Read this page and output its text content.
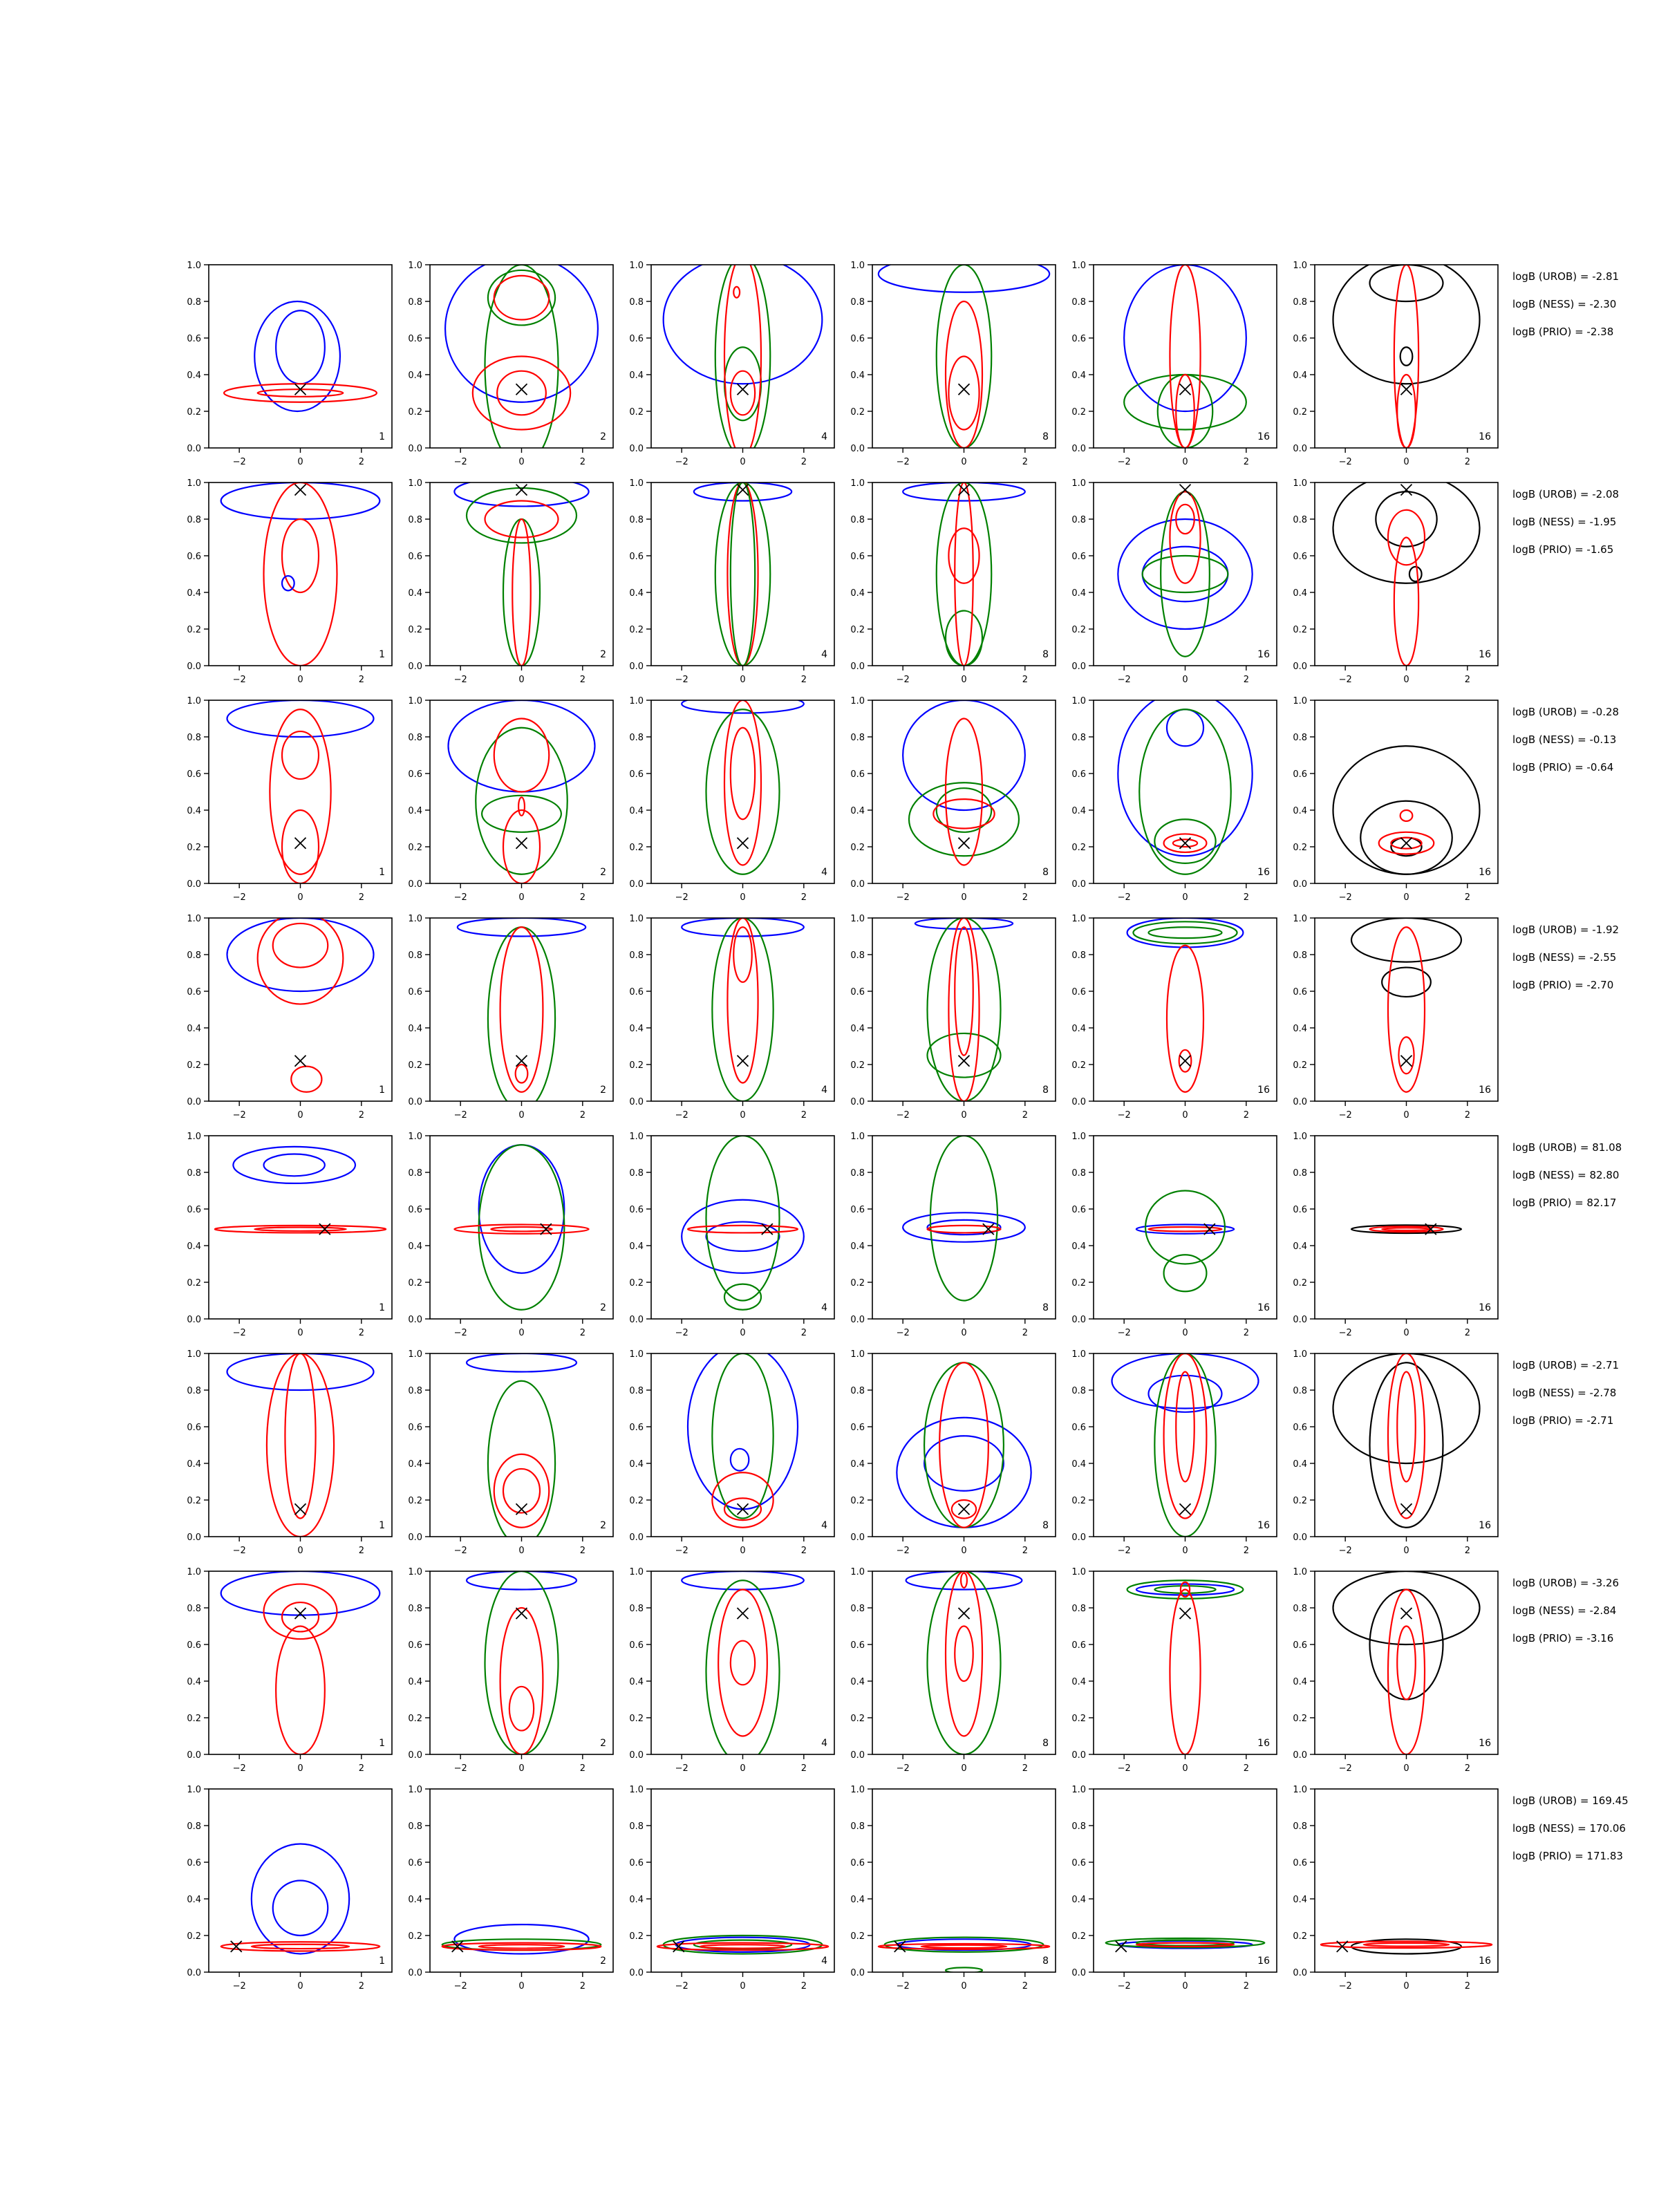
−2	0	2
0.0
0.2
0.4
0.6
0.8
1.0
1
−2	0	2
0.0
0.2
0.4
0.6
0.8
1.0
2
−2	0	2
0.0
0.2
0.4
0.6
0.8
1.0
4
−2	0	2
0.0
0.2
0.4
0.6
0.8
1.0
8
−2	0	2
0.0
0.2
0.4
0.6
0.8
1.0
16
−2	0	2
0.0
0.2
0.4
0.6
0.8
1.0
16
−2	0	2
0.0
0.2
0.4
0.6
0.8
1.0
1
−2	0	2
0.0
0.2
0.4
0.6
0.8
1.0
2
−2	0	2
0.0
0.2
0.4
0.6
0.8
1.0
4
−2	0	2
0.0
0.2
0.4
0.6
0.8
1.0
8
−2	0	2
0.0
0.2
0.4
0.6
0.8
1.0
16
−2	0	2
0.0
0.2
0.4
0.6
0.8
1.0
16
−2	0	2
0.0
0.2
0.4
0.6
0.8
1.0
1
−2	0	2
0.0
0.2
0.4
0.6
0.8
1.0
2
−2	0	2
0.0
0.2
0.4
0.6
0.8
1.0
4
−2	0	2
0.0
0.2
0.4
0.6
0.8
1.0
8
−2	0	2
0.0
0.2
0.4
0.6
0.8
1.0
16
−2	0	2
0.0
0.2
0.4
0.6
0.8
1.0
16
−2	0	2
0.0
0.2
0.4
0.6
0.8
1.0
1
−2	0	2
0.0
0.2
0.4
0.6
0.8
1.0
2
−2	0	2
0.0
0.2
0.4
0.6
0.8
1.0
4
−2	0	2
0.0
0.2
0.4
0.6
0.8
1.0
8
−2	0	2
0.0
0.2
0.4
0.6
0.8
1.0
16
−2	0	2
0.0
0.2
0.4
0.6
0.8
1.0
16
−2	0	2
0.0
0.2
0.4
0.6
0.8
1.0
1
−2	0	2
0.0
0.2
0.4
0.6
0.8
1.0
2
−2	0	2
0.0
0.2
0.4
0.6
0.8
1.0
4
−2	0	2
0.0
0.2
0.4
0.6
0.8
1.0
8
−2	0	2
0.0
0.2
0.4
0.6
0.8
1.0
16
−2	0	2
0.0
0.2
0.4
0.6
0.8
1.0
16
−2	0	2
0.0
0.2
0.4
0.6
0.8
1.0
1
−2	0	2
0.0
0.2
0.4
0.6
0.8
1.0
2
−2	0	2
0.0
0.2
0.4
0.6
0.8
1.0
4
−2	0	2
0.0
0.2
0.4
0.6
0.8
1.0
8
−2	0	2
0.0
0.2
0.4
0.6
0.8
1.0
16
−2	0	2
0.0
0.2
0.4
0.6
0.8
1.0
16
−2	0	2
0.0
0.2
0.4
0.6
0.8
1.0
1
−2	0	2
0.0
0.2
0.4
0.6
0.8
1.0
2
−2	0	2
0.0
0.2
0.4
0.6
0.8
1.0
4
−2	0	2
0.0
0.2
0.4
0.6
0.8
1.0
8
−2	0	2
0.0
0.2
0.4
0.6
0.8
1.0
16
−2	0	2
0.0
0.2
0.4
0.6
0.8
1.0
16
−2	0	2
0.0
0.2
0.4
0.6
0.8
1.0
1
−2	0	2
0.0
0.2
0.4
0.6
0.8
1.0
2
−2	0	2
0.0
0.2
0.4
0.6
0.8
1.0
4
−2	0	2
0.0
0.2
0.4
0.6
0.8
1.0
8
−2	0	2
0.0
0.2
0.4
0.6
0.8
1.0
16
−2	0	2
0.0
0.2
0.4
0.6
0.8
1.0
16
logB (UROB) = -2.81
logB (NESS) = -2.30
logB (PRIO) = -2.38
logB (UROB) = -2.08
logB (NESS) = -1.95
logB (PRIO) = -1.65
logB (UROB) = -0.28
logB (NESS) = -0.13
logB (PRIO) = -0.64
logB (UROB) = -1.92
logB (NESS) = -2.55
logB (PRIO) = -2.70
logB (UROB) = 81.08
logB (NESS) = 82.80
logB (PRIO) = 82.17
logB (UROB) = -2.71
logB (NESS) = -2.78
logB (PRIO) = -2.71
logB (UROB) = -3.26
logB (NESS) = -2.84
logB (PRIO) = -3.16
logB (UROB) = 169.45
logB (NESS) = 170.06
logB (PRIO) = 171.83
